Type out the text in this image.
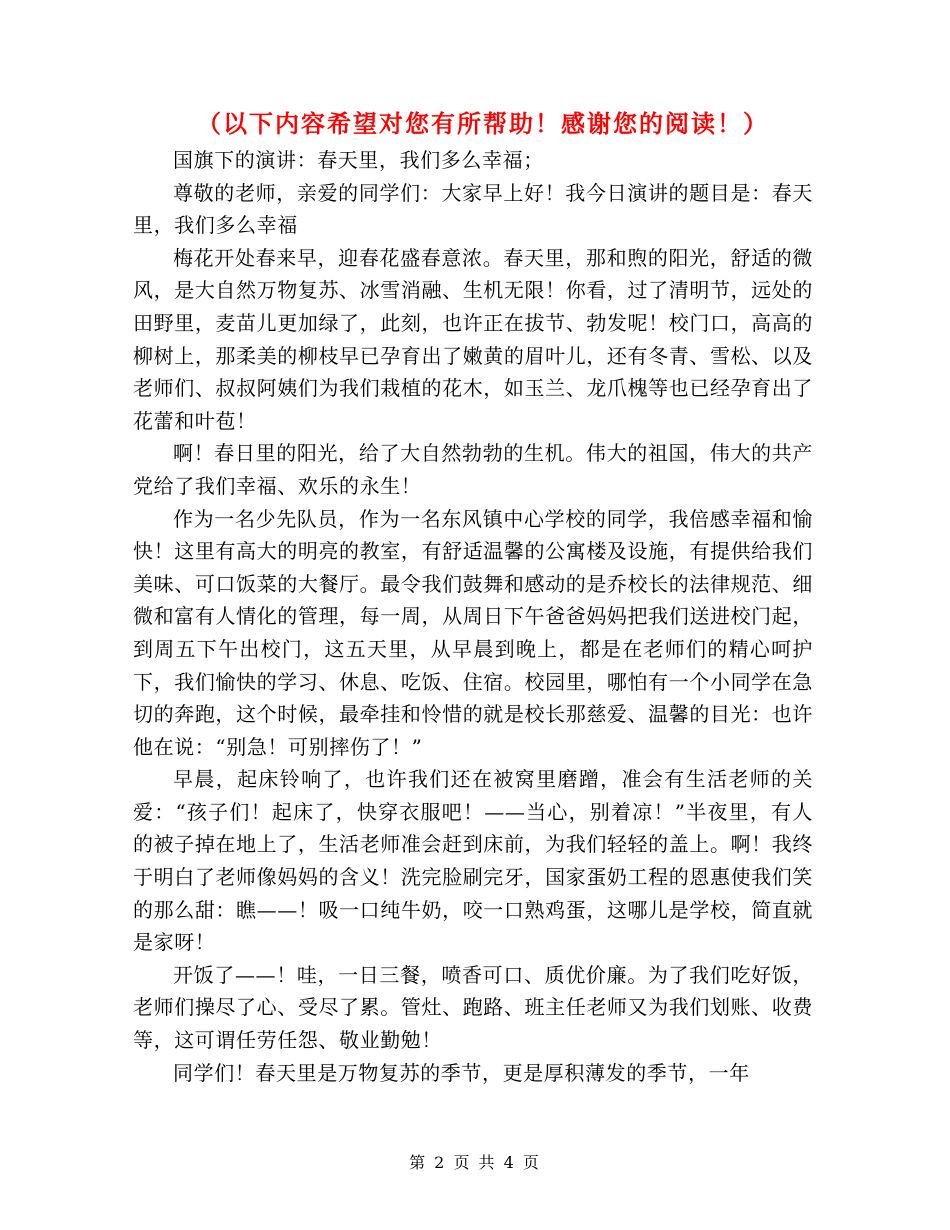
（以下内容希望对您有所帮助！感谢您的阅读！）

国旗下的演讲：春天里，我们多么幸福；

尊敬的老师，亲爱的同学们：大家早上好！我今日演讲的题目是：春天里，我们多么幸福

梅花开处春来早，迎春花盛春意浓。春天里，那和煦的阳光，舒适的微风，是大自然万物复苏、冰雪消融、生机无限！你看，过了清明节，远处的田野里，麦苗儿更加绿了，此刻，也许正在拔节、勃发呢！校门口，高高的柳树上，那柔美的柳枝早已孕育出了嫩黄的眉叶儿，还有冬青、雪松、以及老师们、叔叔阿姨们为我们栽植的花木，如玉兰、龙爪槐等也已经孕育出了花蕾和叶苞！

啊！春日里的阳光，给了大自然勃勃的生机。伟大的祖国，伟大的共产党给了我们幸福、欢乐的永生！

作为一名少先队员，作为一名东风镇中心学校的同学，我倍感幸福和愉快！这里有高大的明亮的教室，有舒适温馨的公寓楼及设施，有提供给我们美味、可口饭菜的大餐厅。最令我们鼓舞和感动的是乔校长的法律规范、细微和富有人情化的管理，每一周，从周日下午爸爸妈妈把我们送进校门起，到周五下午出校门，这五天里，从早晨到晚上，都是在老师们的精心呵护下，我们愉快的学习、休息、吃饭、住宿。校园里，哪怕有一个小同学在急切的奔跑，这个时候，最牵挂和怜惜的就是校长那慈爱、温馨的目光：也许他在说：“别急！可别摔伤了！”

早晨，起床铃响了，也许我们还在被窝里磨蹭，准会有生活老师的关爱：“孩子们！起床了，快穿衣服吧！——当心，别着凉！”半夜里，有人的被子掉在地上了，生活老师准会赶到床前，为我们轻轻的盖上。啊！我终于明白了老师像妈妈的含义！洗完脸刷完牙，国家蛋奶工程的恩惠使我们笑的那么甜：瞧——！吸一口纯牛奶，咬一口熟鸡蛋，这哪儿是学校，简直就是家呀！

开饭了——！哇，一日三餐，喷香可口、质优价廉。为了我们吃好饭，老师们操尽了心、受尽了累。管灶、跑路、班主任老师又为我们划账、收费等，这可谓任劳任怨、敬业勤勉！

同学们！春天里是万物复苏的季节，更是厚积薄发的季节，一年

第 2 页 共 4 页
